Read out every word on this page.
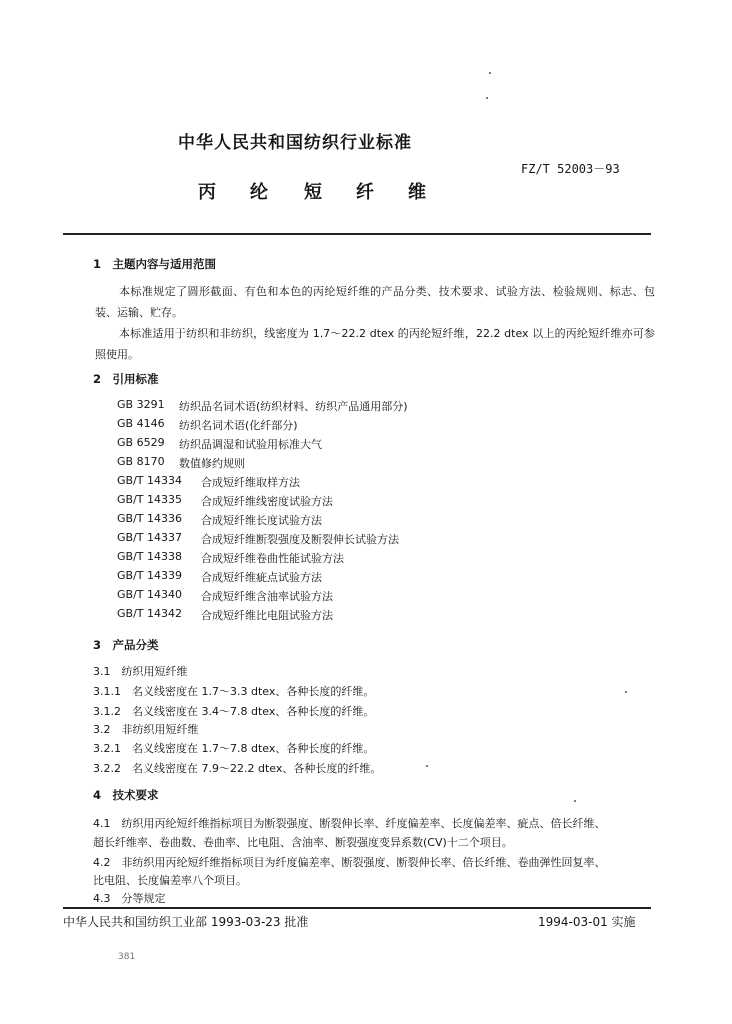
中华人民共和国纺织行业标准
FZ/T 52003－93
丙 纶 短 纤 维
1　主题内容与适用范围
本标准规定了圆形截面、有色和本色的丙纶短纤维的产品分类、技术要求、试验方法、检验规则、标志、包装、运输、贮存。
本标准适用于纺织和非纺织，线密度为 1.7～22.2 dtex 的丙纶短纤维，22.2 dtex 以上的丙纶短纤维亦可参照使用。
2　引用标准
GB 3291	纺织品名词术语(纺织材料、纺织产品通用部分)
GB 4146	纺织名词术语(化纤部分)
GB 6529	纺织品调湿和试验用标准大气
GB 8170	数值修约规则
GB/T 14334	合成短纤维取样方法
GB/T 14335	合成短纤维线密度试验方法
GB/T 14336	合成短纤维长度试验方法
GB/T 14337	合成短纤维断裂强度及断裂伸长试验方法
GB/T 14338	合成短纤维卷曲性能试验方法
GB/T 14339	合成短纤维疵点试验方法
GB/T 14340	合成短纤维含油率试验方法
GB/T 14342	合成短纤维比电阻试验方法
3　产品分类
3.1　纺织用短纤维
3.1.1　名义线密度在 1.7～3.3 dtex、各种长度的纤维。
3.1.2　名义线密度在 3.4～7.8 dtex、各种长度的纤维。
3.2　非纺织用短纤维
3.2.1　名义线密度在 1.7～7.8 dtex、各种长度的纤维。
3.2.2　名义线密度在 7.9～22.2 dtex、各种长度的纤维。
4　技术要求
4.1　纺织用丙纶短纤维指标项目为断裂强度、断裂伸长率、纤度偏差率、长度偏差率、疵点、倍长纤维、
超长纤维率、卷曲数、卷曲率、比电阻、含油率、断裂强度变异系数(CV)十二个项目。
4.2　非纺织用丙纶短纤维指标项目为纤度偏差率、断裂强度、断裂伸长率、倍长纤维、卷曲弹性回复率、
比电阻、长度偏差率八个项目。
4.3　分等规定
中华人民共和国纺织工业部 1993-03-23 批准	1994-03-01 实施
381
